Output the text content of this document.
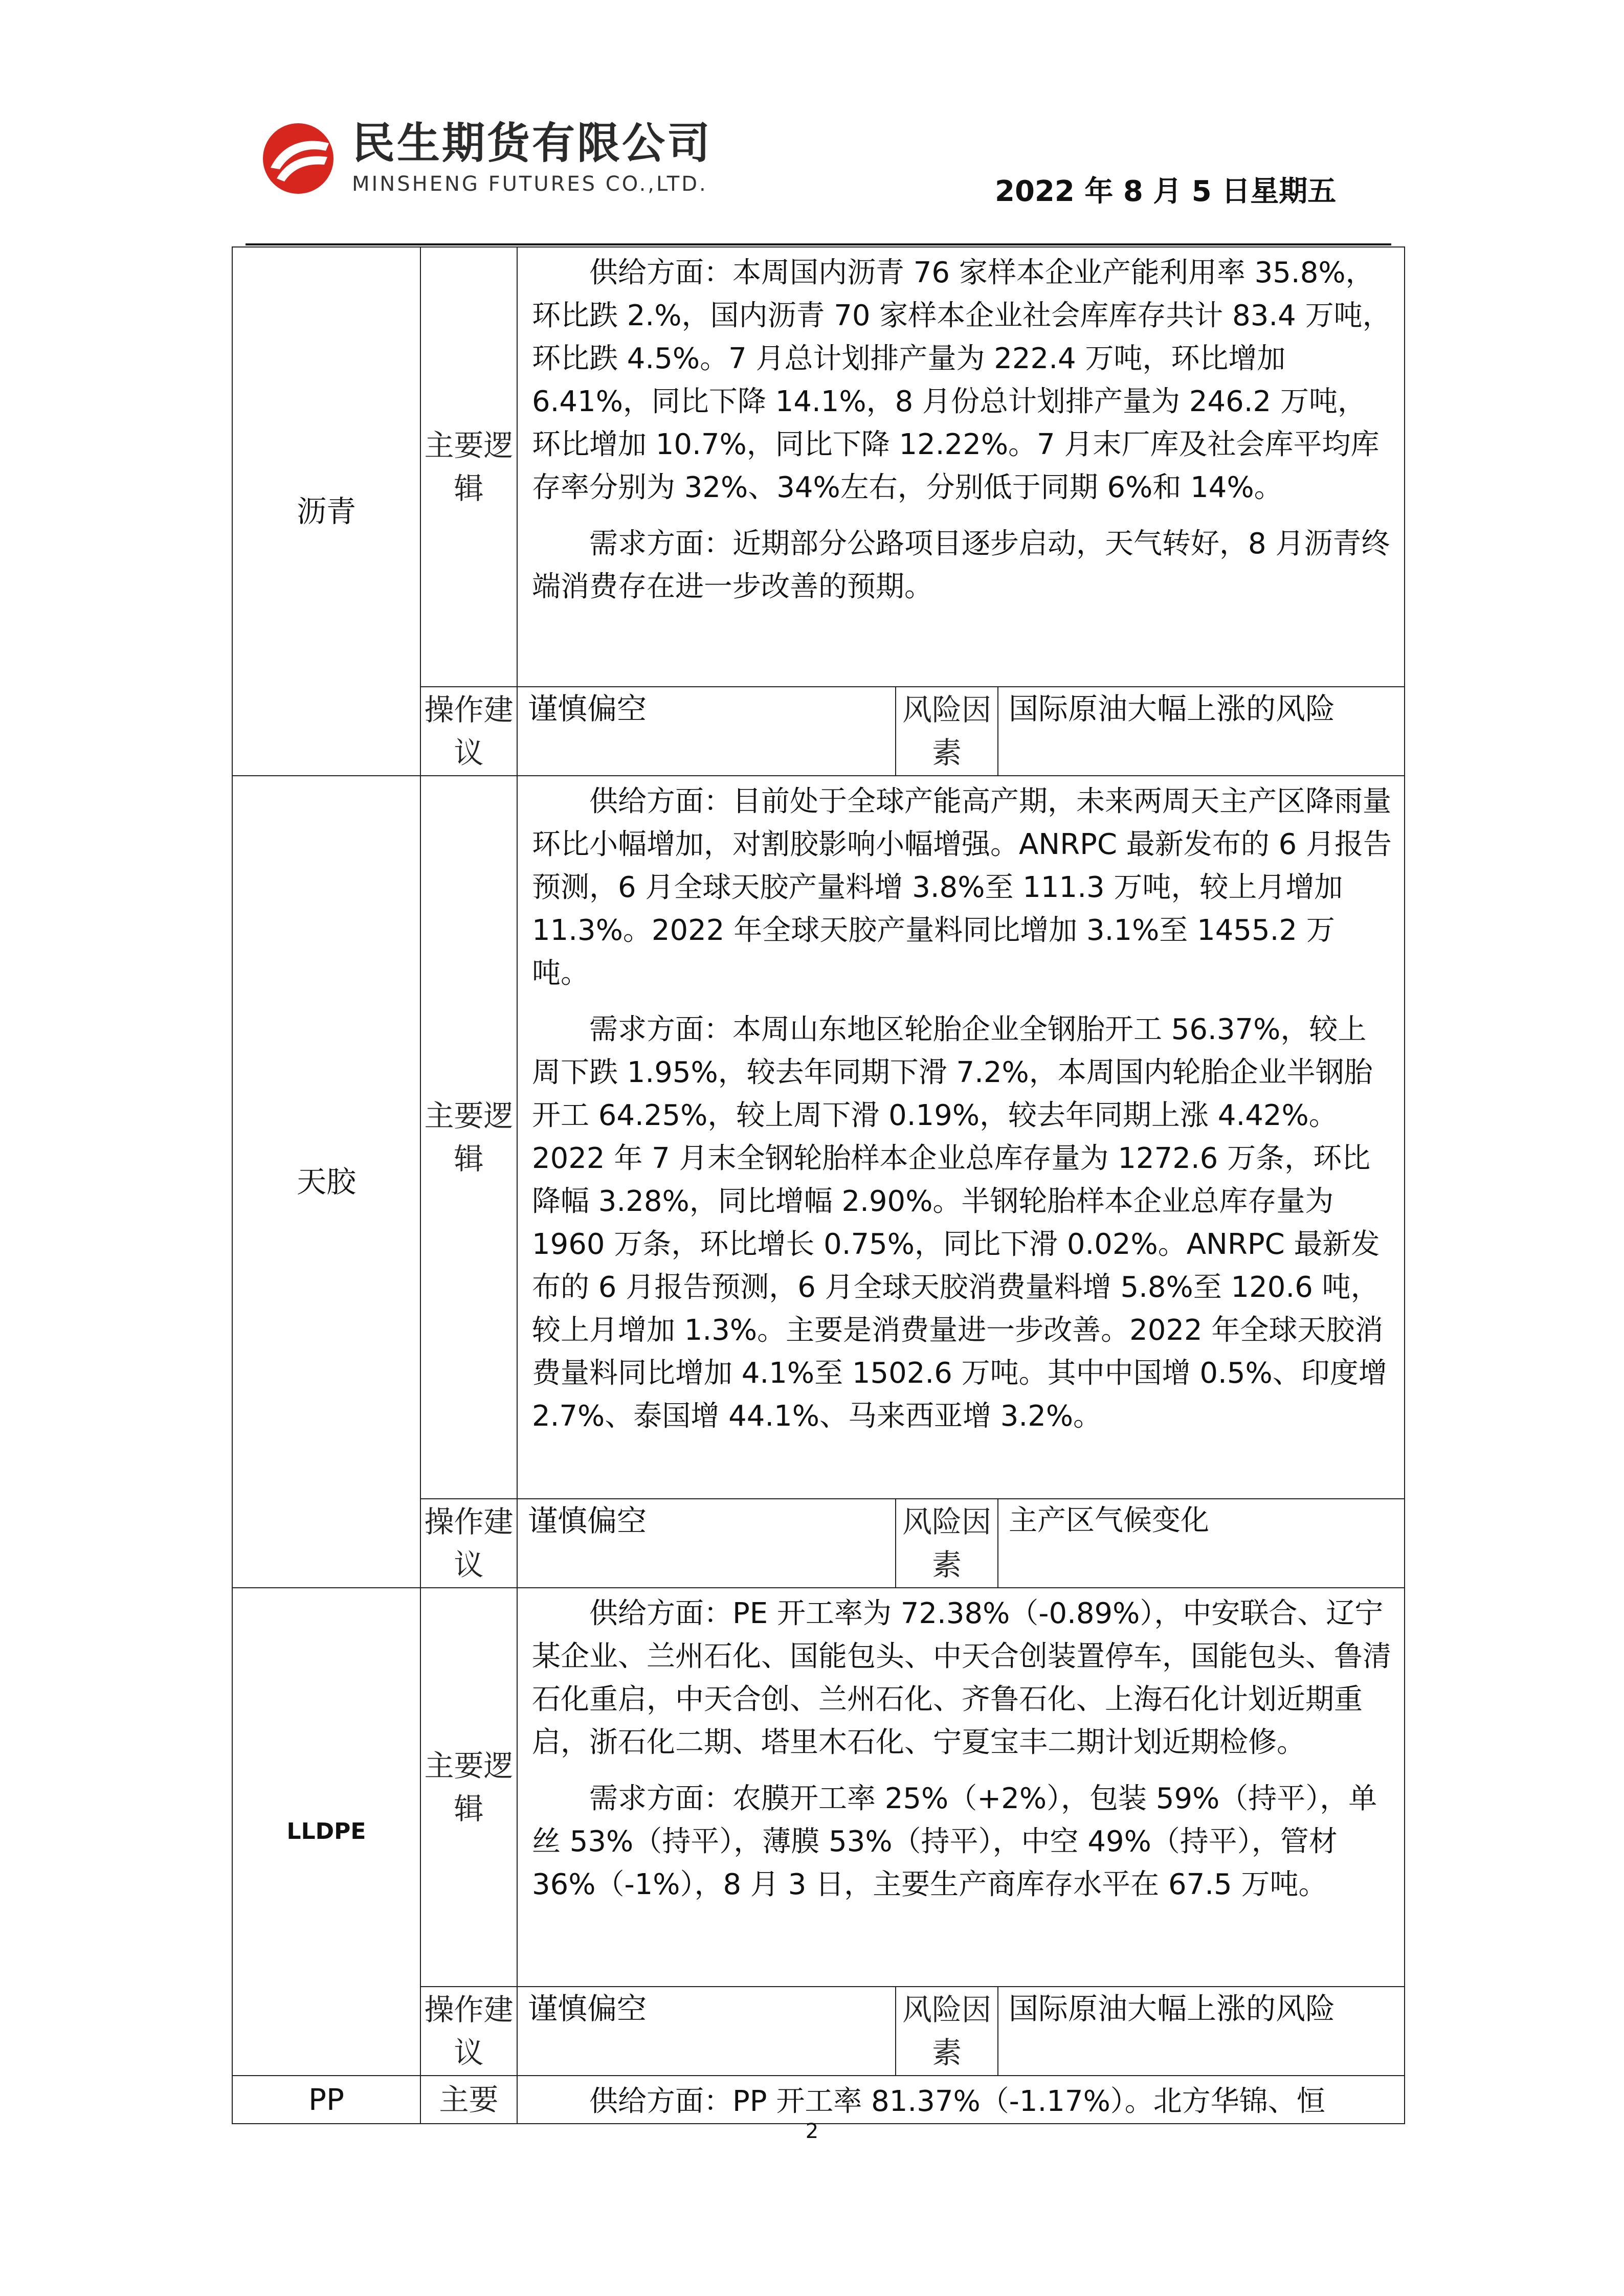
民生期货有限公司
MINSHENG FUTURES CO.,LTD.	2022 年 8 月 5 日星期五
沥青	主要逻辑	供给方面：本周国内沥青 76 家样本企业产能利用率 35.8%，环比跌 2.%，国内沥青 70 家样本企业社会库库存共计 83.4 万吨，环比跌 4.5%。7 月总计划排产量为 222.4 万吨，环比增加 6.41%，同比下降 14.1%，8 月份总计划排产量为 246.2 万吨，环比增加 10.7%，同比下降 12.22%。7 月末厂库及社会库平均库存率分别为 32%、34%左右，分别低于同期 6%和 14%。

需求方面：近期部分公路项目逐步启动，天气转好，8 月沥青终端消费存在进一步改善的预期。		

	操作建议	谨慎偏空	风险因素	国际原油大幅上涨的风险
天胶	主要逻辑	供给方面：目前处于全球产能高产期，未来两周天主产区降雨量环比小幅增加，对割胶影响小幅增强。ANRPC 最新发布的 6 月报告预测，6 月全球天胶产量料增 3.8%至 111.3 万吨，较上月增加 11.3%。2022 年全球天胶产量料同比增加 3.1%至 1455.2 万吨。

需求方面：本周山东地区轮胎企业全钢胎开工 56.37%，较上周下跌 1.95%，较去年同期下滑 7.2%，本周国内轮胎企业半钢胎开工 64.25%，较上周下滑 0.19%，较去年同期上涨 4.42%。2022 年 7 月末全钢轮胎样本企业总库存量为 1272.6 万条，环比降幅 3.28%，同比增幅 2.90%。半钢轮胎样本企业总库存量为 1960 万条，环比增长 0.75%，同比下滑 0.02%。ANRPC 最新发布的 6 月报告预测，6 月全球天胶消费量料增 5.8%至 120.6 吨，较上月增加 1.3%。主要是消费量进一步改善。2022 年全球天胶消费量料同比增加 4.1%至 1502.6 万吨。其中中国增 0.5%、印度增 2.7%、泰国增 44.1%、马来西亚增 3.2%。		

	操作建议	谨慎偏空	风险因素	主产区气候变化
LLDPE	主要逻辑	供给方面：PE 开工率为 72.38%（-0.89%），中安联合、辽宁某企业、兰州石化、国能包头、中天合创装置停车，国能包头、鲁清石化重启，中天合创、兰州石化、齐鲁石化、上海石化计划近期重启，浙石化二期、塔里木石化、宁夏宝丰二期计划近期检修。

需求方面：农膜开工率 25%（+2%），包装 59%（持平），单丝 53%（持平），薄膜 53%（持平），中空 49%（持平），管材 36%（-1%），8 月 3 日，主要生产商库存水平在 67.5 万吨。		

	操作建议	谨慎偏空	风险因素	国际原油大幅上涨的风险
PP	主要	供给方面：PP 开工率 81.37%（-1.17%）。北方华锦、恒		

2
